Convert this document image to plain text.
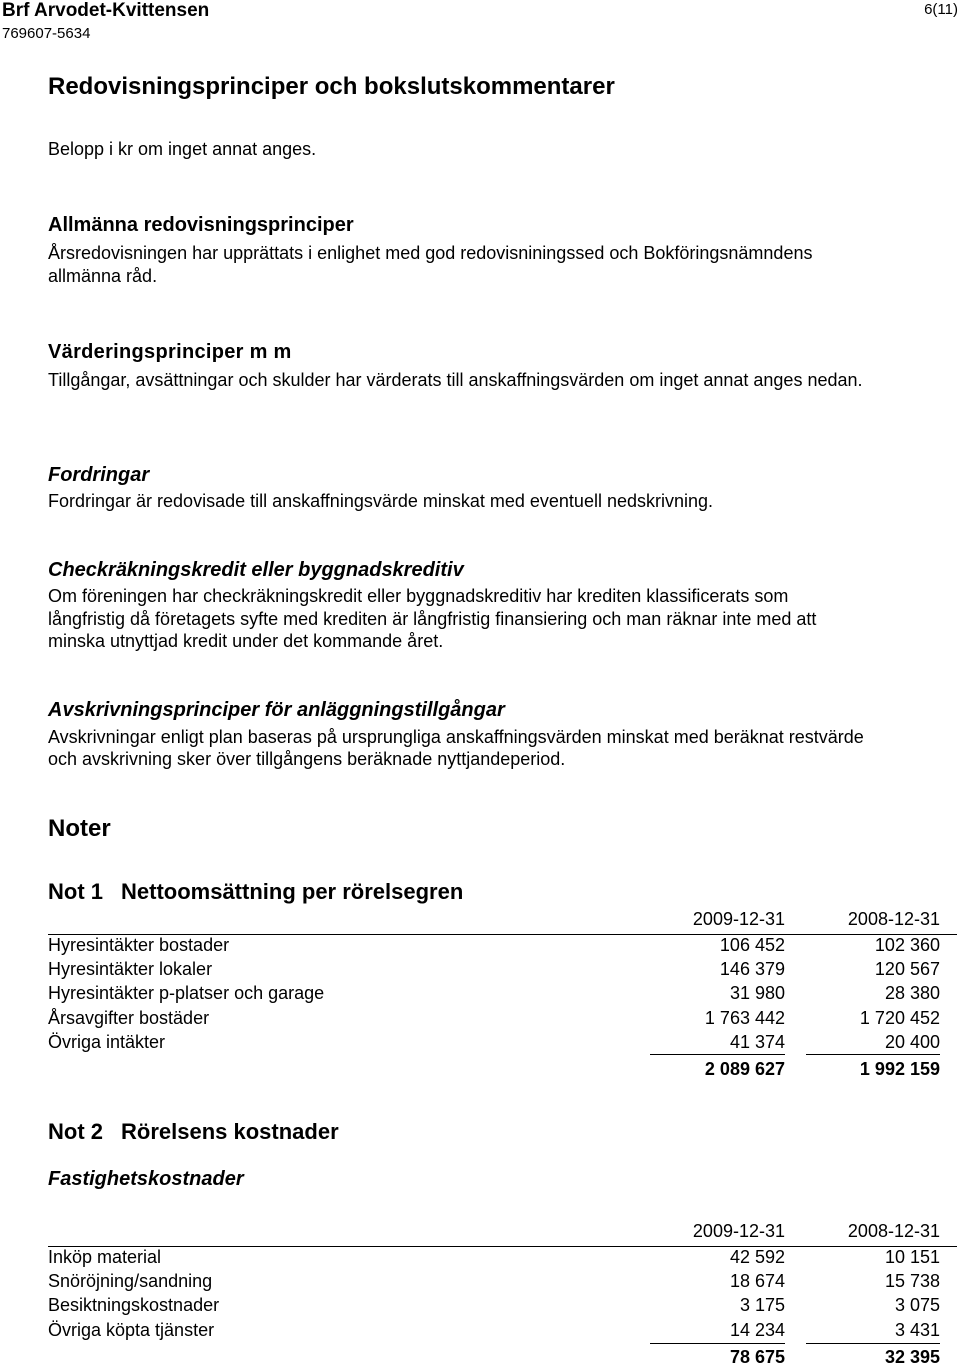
Brf Arvodet-Kvittensen
769607-5634
6(11)
Redovisningsprinciper och bokslutskommentarer
Belopp i kr om inget annat anges.
Allmänna redovisningsprinciper
Årsredovisningen har upprättats i enlighet med god redovisniningssed och Bokföringsnämndens
allmänna råd.
Värderingsprinciper m m
Tillgångar, avsättningar och skulder har värderats till anskaffningsvärden om inget annat anges nedan.
Fordringar
Fordringar är redovisade till anskaffningsvärde minskat med eventuell nedskrivning.
Checkräkningskredit eller byggnadskreditiv
Om föreningen har checkräkningskredit eller byggnadskreditiv har krediten klassificerats som
långfristig då företagets syfte med krediten är långfristig finansiering och man räknar inte med att
minska utnyttjad kredit under det kommande året.
Avskrivningsprinciper för anläggningstillgångar
Avskrivningar enligt plan baseras på ursprungliga anskaffningsvärden minskat med beräknat restvärde
och avskrivning sker över tillgångens beräknade nyttjandeperiod.
Noter
Not 1 Nettoomsättning per rörelsegren
2009-12-31	2008-12-31
Hyresintäkter bostader	106 452	102 360
Hyresintäkter lokaler	146 379	120 567
Hyresintäkter p-platser och garage	31 980	28 380
Årsavgifter bostäder	1 763 442	1 720 452
Övriga intäkter	41 374	20 400
2 089 627	1 992 159
Not 2 Rörelsens kostnader
Fastighetskostnader
2009-12-31	2008-12-31
Inköp material	42 592	10 151
Snöröjning/sandning	18 674	15 738
Besiktningskostnader	3 175	3 075
Övriga köpta tjänster	14 234	3 431
78 675	32 395
